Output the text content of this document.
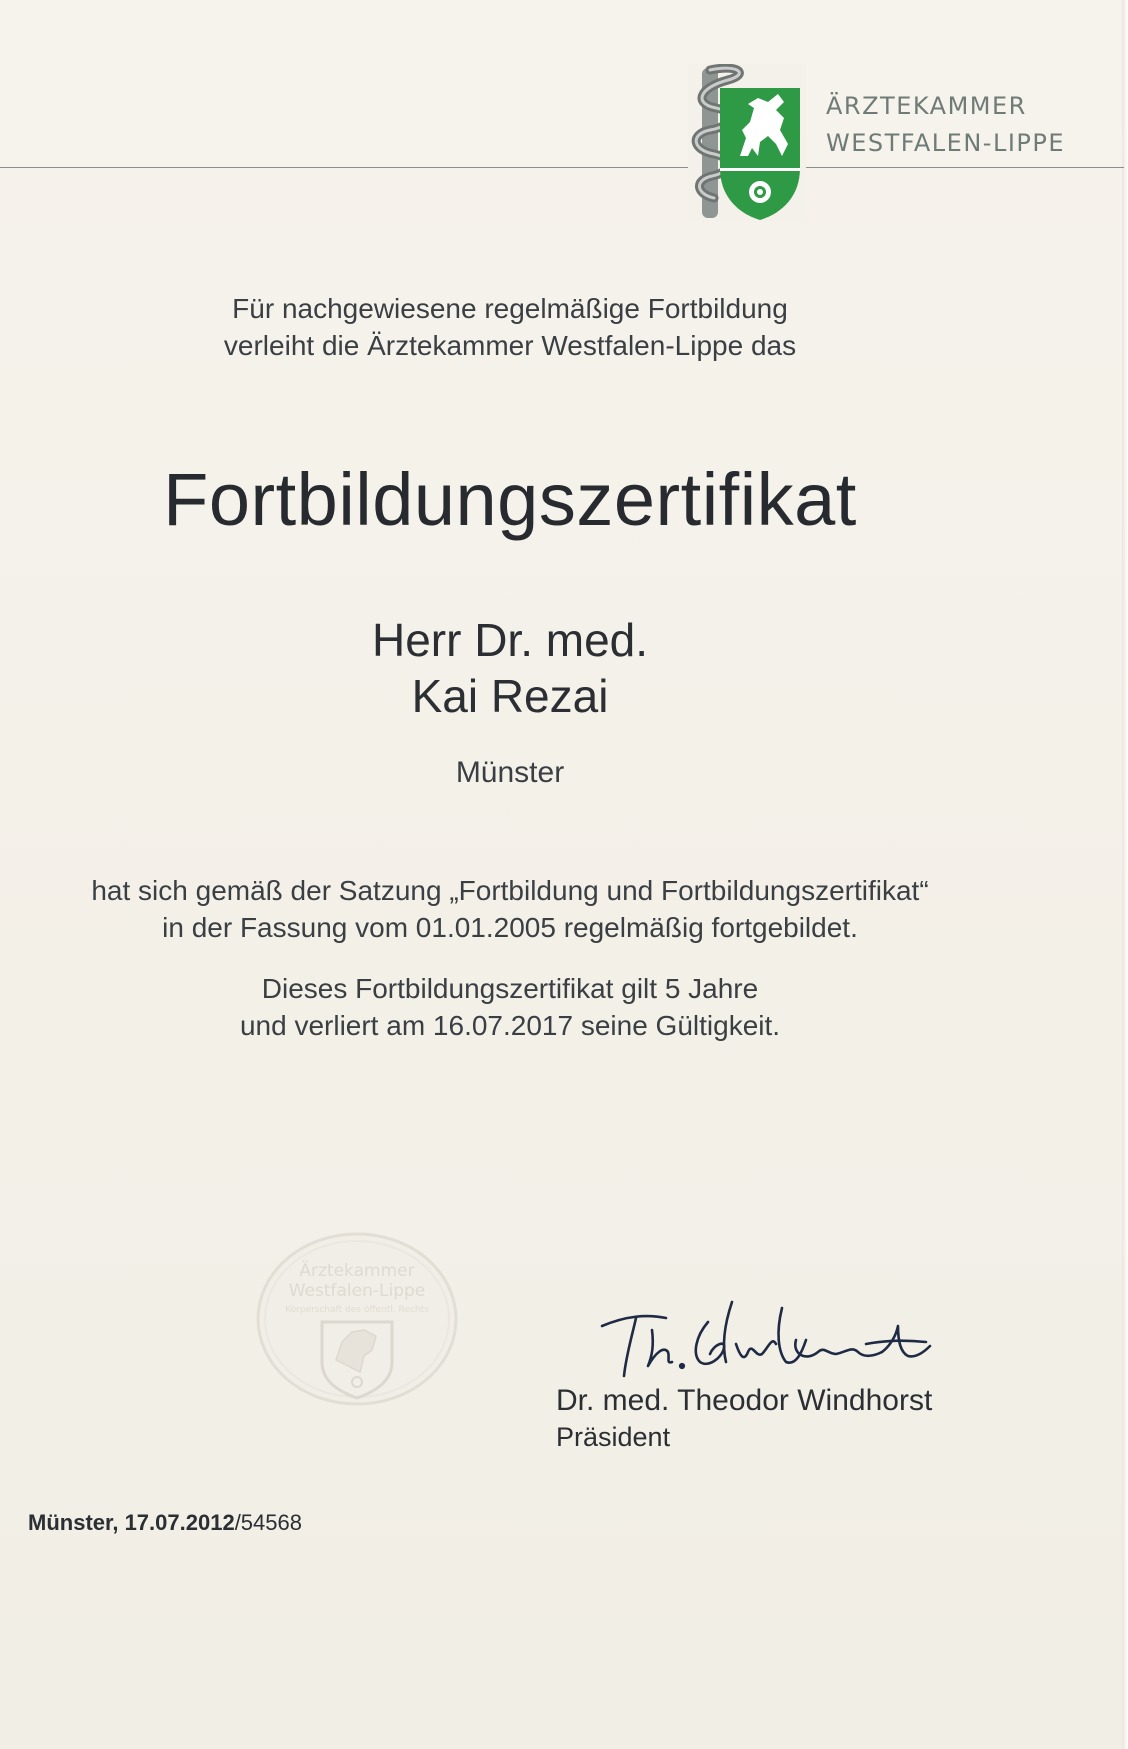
ÄRZTEKAMMER
WESTFALEN-LIPPE
Für nachgewiesene regelmäßige Fortbildung
verleiht die Ärztekammer Westfalen-Lippe das
Fortbildungszertifikat
Herr Dr. med.
Kai Rezai
Münster
hat sich gemäß der Satzung „Fortbildung und Fortbildungszertifikat“
in der Fassung vom 01.01.2005 regelmäßig fortgebildet.
Dieses Fortbildungszertifikat gilt 5 Jahre
und verliert am 16.07.2017 seine Gültigkeit.
Ärztekammer
Westfalen-Lippe
Körperschaft des öffentl. Rechts
Dr. med. Theodor Windhorst
Präsident
Münster, 17.07.2012/54568
